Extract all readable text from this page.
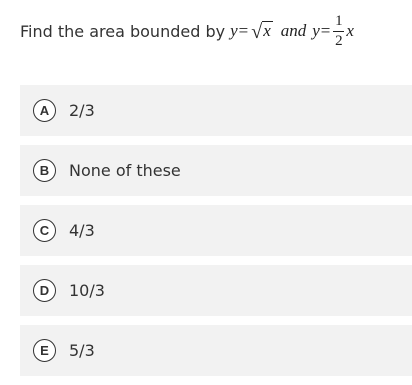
Find the area bounded by y = √ x and $y = \frac{1}{2}$ x
A	2/3
B	None of these
C	4/3
D	10/3
E	5/3
